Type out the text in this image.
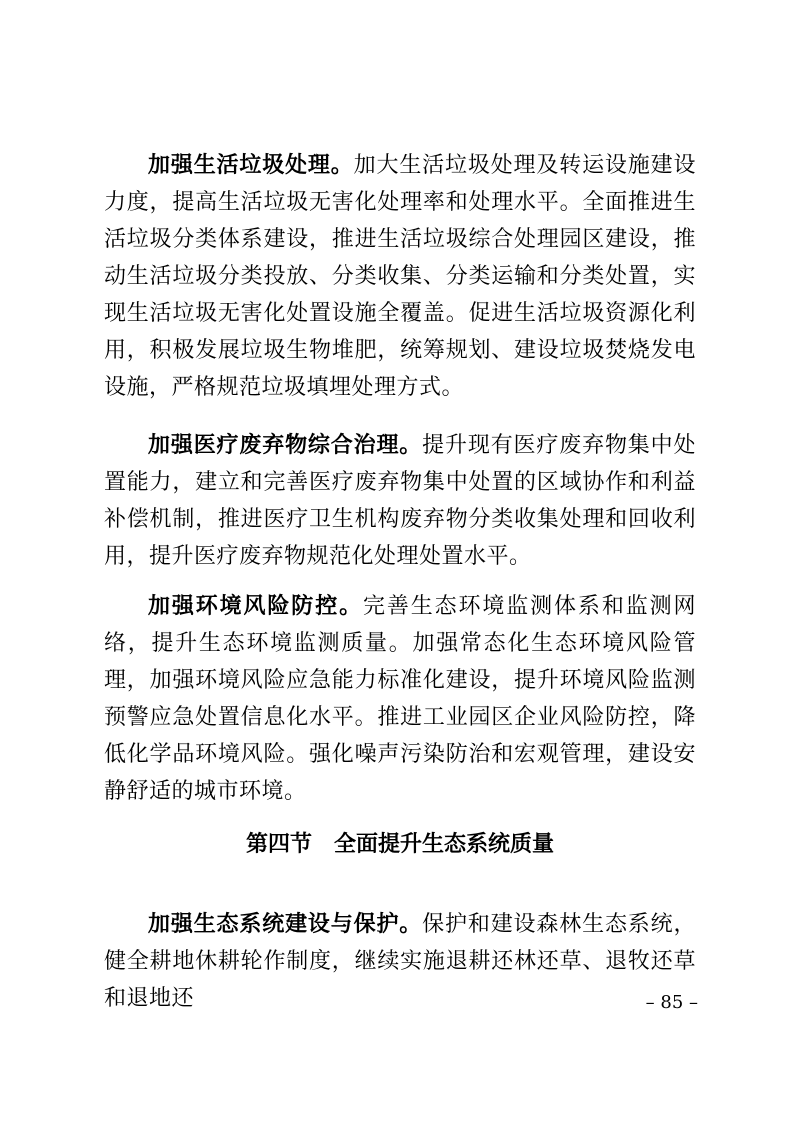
加强生活垃圾处理。加大生活垃圾处理及转运设施建设力度，提高生活垃圾无害化处理率和处理水平。全面推进生活垃圾分类体系建设，推进生活垃圾综合处理园区建设，推动生活垃圾分类投放、分类收集、分类运输和分类处置，实现生活垃圾无害化处置设施全覆盖。促进生活垃圾资源化利用，积极发展垃圾生物堆肥，统筹规划、建设垃圾焚烧发电设施，严格规范垃圾填埋处理方式。

加强医疗废弃物综合治理。提升现有医疗废弃物集中处置能力，建立和完善医疗废弃物集中处置的区域协作和利益补偿机制，推进医疗卫生机构废弃物分类收集处理和回收利用，提升医疗废弃物规范化处理处置水平。

加强环境风险防控。完善生态环境监测体系和监测网络，提升生态环境监测质量。加强常态化生态环境风险管理，加强环境风险应急能力标准化建设，提升环境风险监测预警应急处置信息化水平。推进工业园区企业风险防控，降低化学品环境风险。强化噪声污染防治和宏观管理，建设安静舒适的城市环境。

第四节　全面提升生态系统质量

加强生态系统建设与保护。保护和建设森林生态系统，健全耕地休耕轮作制度，继续实施退耕还林还草、退牧还草和退地还	– 85 –
